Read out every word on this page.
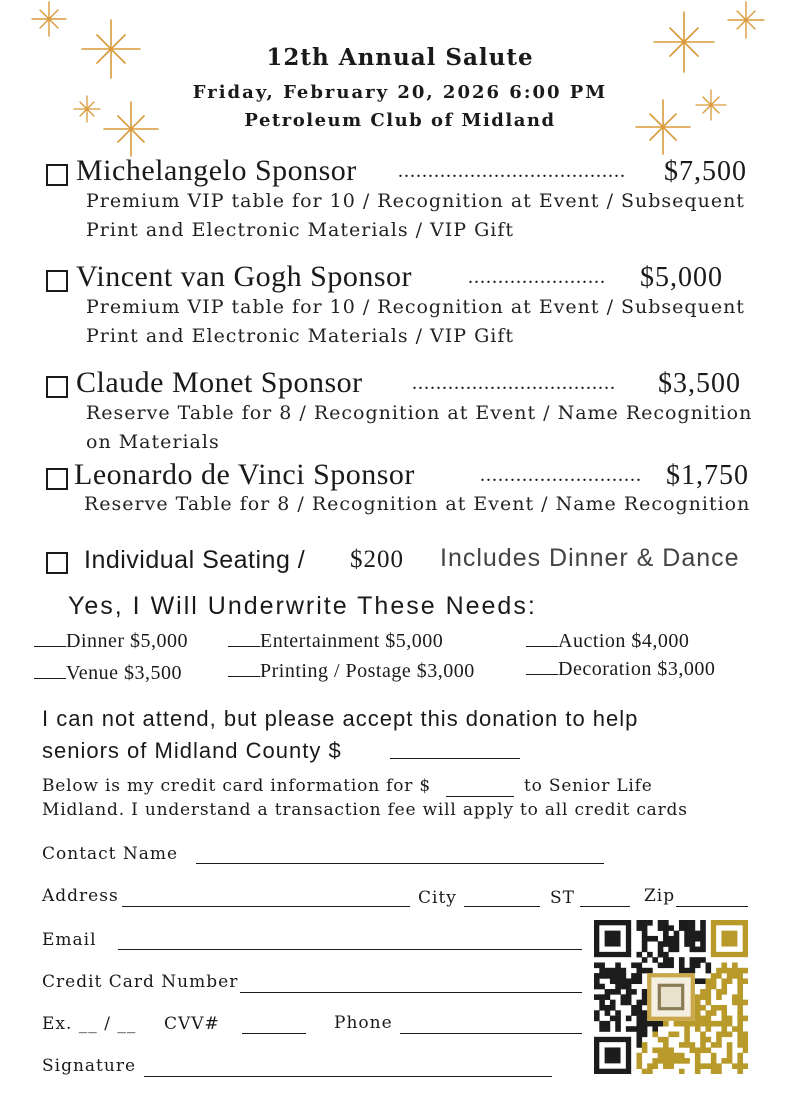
12th Annual Salute
Friday, February 20, 2026 6:00 PM
Petroleum Club of Midland
Michelangelo Sponsor ...................................... $7,500
Premium VIP table for 10 / Recognition at Event / Subsequent
Print and Electronic Materials / VIP Gift
Vincent van Gogh Sponsor	....................... $5,000
Premium VIP table for 10 / Recognition at Event / Subsequent
Print and Electronic Materials / VIP Gift
Claude Monet Sponsor .................................. $3,500
Reserve Table for 8 / Recognition at Event / Name Recognition
on Materials
Leonardo de Vinci Sponsor	........................... $1,750
Reserve Table for 8 / Recognition at Event / Name Recognition
Individual Seating / $200 Includes Dinner & Dance
Yes, I Will Underwrite These Needs:
Dinner $5,000	Entertainment $5,000	Auction $4,000
Venue $3,500	Printing / Postage $3,000	Decoration $3,000
I can not attend, but please accept this donation to help
seniors of Midland County $
Below is my credit card information for $	to Senior Life
Midland. I understand a transaction fee will apply to all credit cards
Contact Name
Address	City	ST	Zip
Email
Credit Card Number
Ex. __ / __ CVV#	Phone
Signature
